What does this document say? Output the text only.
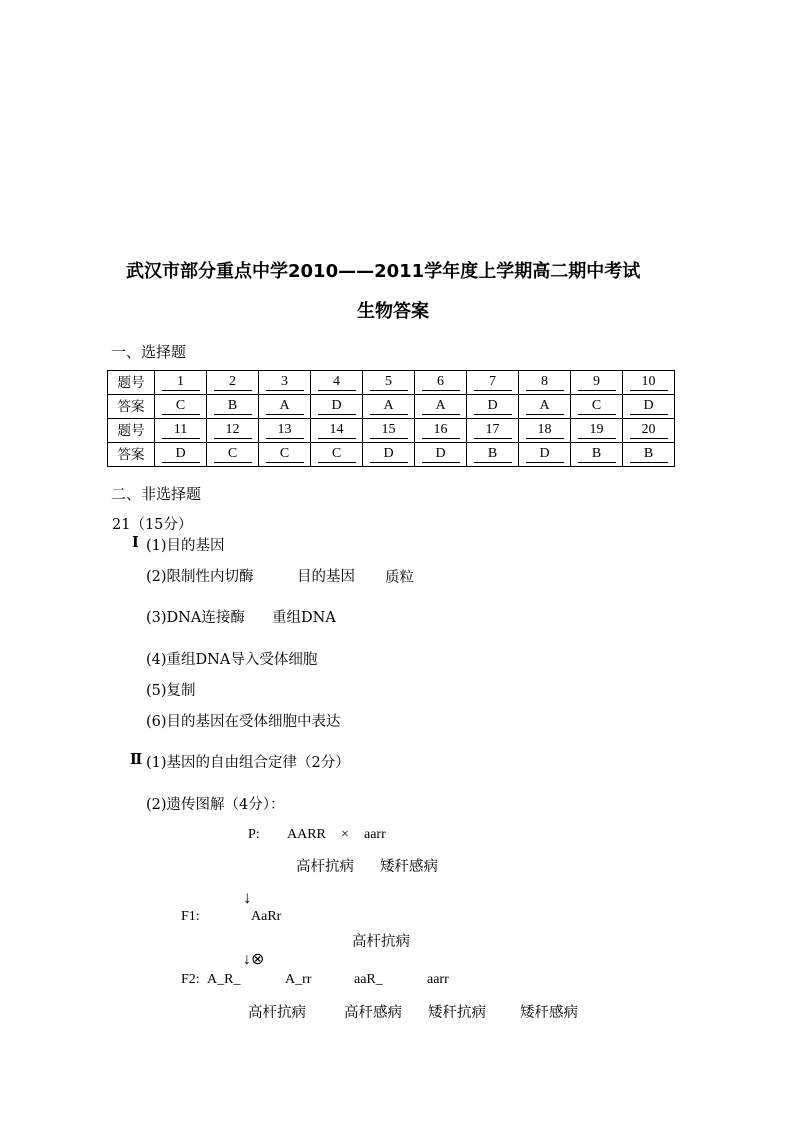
武汉市部分重点中学2010——2011学年度上学期高二期中考试
生物答案
一、选择题
题号	1	2	3	4	5	6	7	8	9	10
答案	C	B	A	D	A	A	D	A	C	D
题号	11	12	13	14	15	16	17	18	19	20
答案	D	C	C	C	D	D	B	D	B	B
二、非选择题
21（15分）
Ⅰ (1)目的基因
(2)限制性内切酶	目的基因 质粒
(3)DNA连接酶 重组DNA
(4)重组DNA导入受体细胞
(5)复制
(6)目的基因在受体细胞中表达
Ⅱ (1)基因的自由组合定律（2分）
(2)遗传图解（4分）：
P: AARR × aarr
高杆抗病 矮秆感病
↓
F1:	AaRr
高杆抗病
↓⊗
F2: A_R_	A_rr	aaR_	aarr
高杆抗病	高秆感病 矮秆抗病 矮秆感病
